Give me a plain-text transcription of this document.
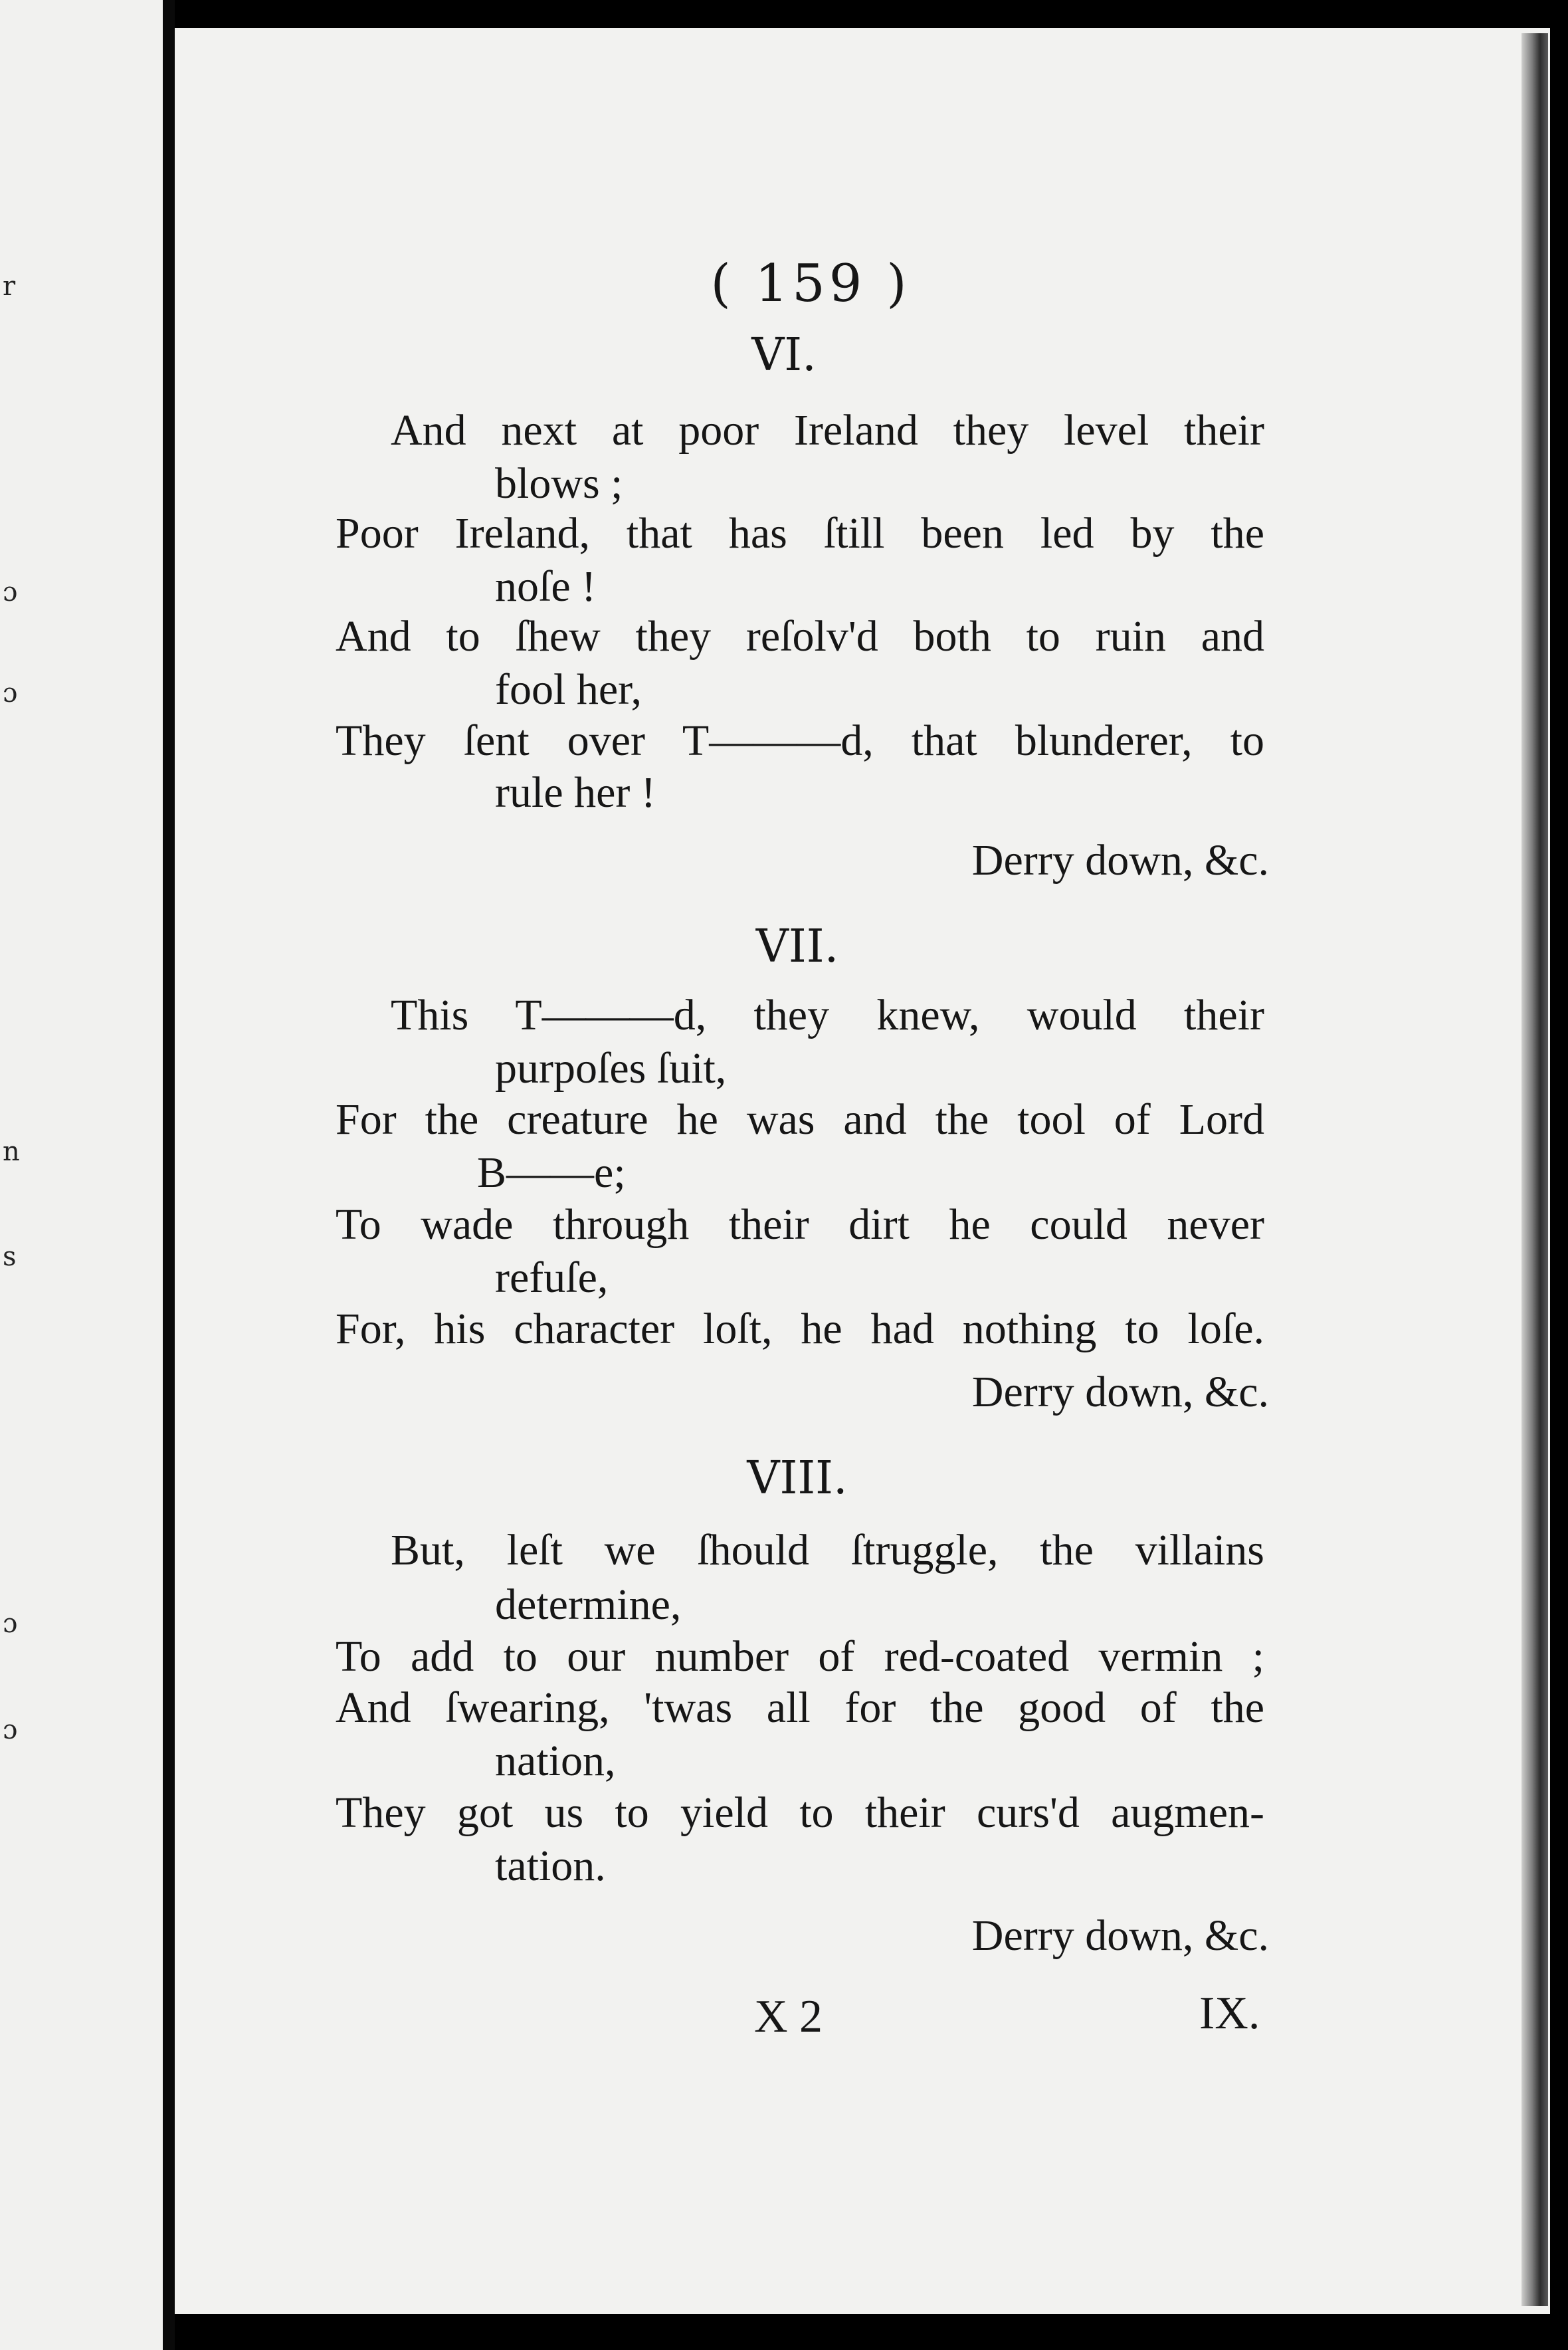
r
ɔ
ɔ
n
s
ɔ
ɔ
( 159 )
VI.
And next at poor Ireland they level their
blows ;
Poor Ireland, that has ſtill been led by the
noſe !
And to ſhew they reſolv'd both to ruin and
fool her,
They ſent over T———d, that blunderer, to
rule her !
Derry down, &c.
VII.
This T———d, they knew, would their
purpoſes ſuit,
For the creature he was and the tool of Lord
B——e;
To wade through their dirt he could never
refuſe,
For, his character loſt, he had nothing to loſe.
Derry down, &c.
VIII.
But, leſt we ſhould ſtruggle, the villains
determine,
To add to our number of red-coated vermin ;
And ſwearing, 'twas all for the good of the
nation,
They got us to yield to their curs'd augmen-
tation.
Derry down, &c.
X 2	IX.
